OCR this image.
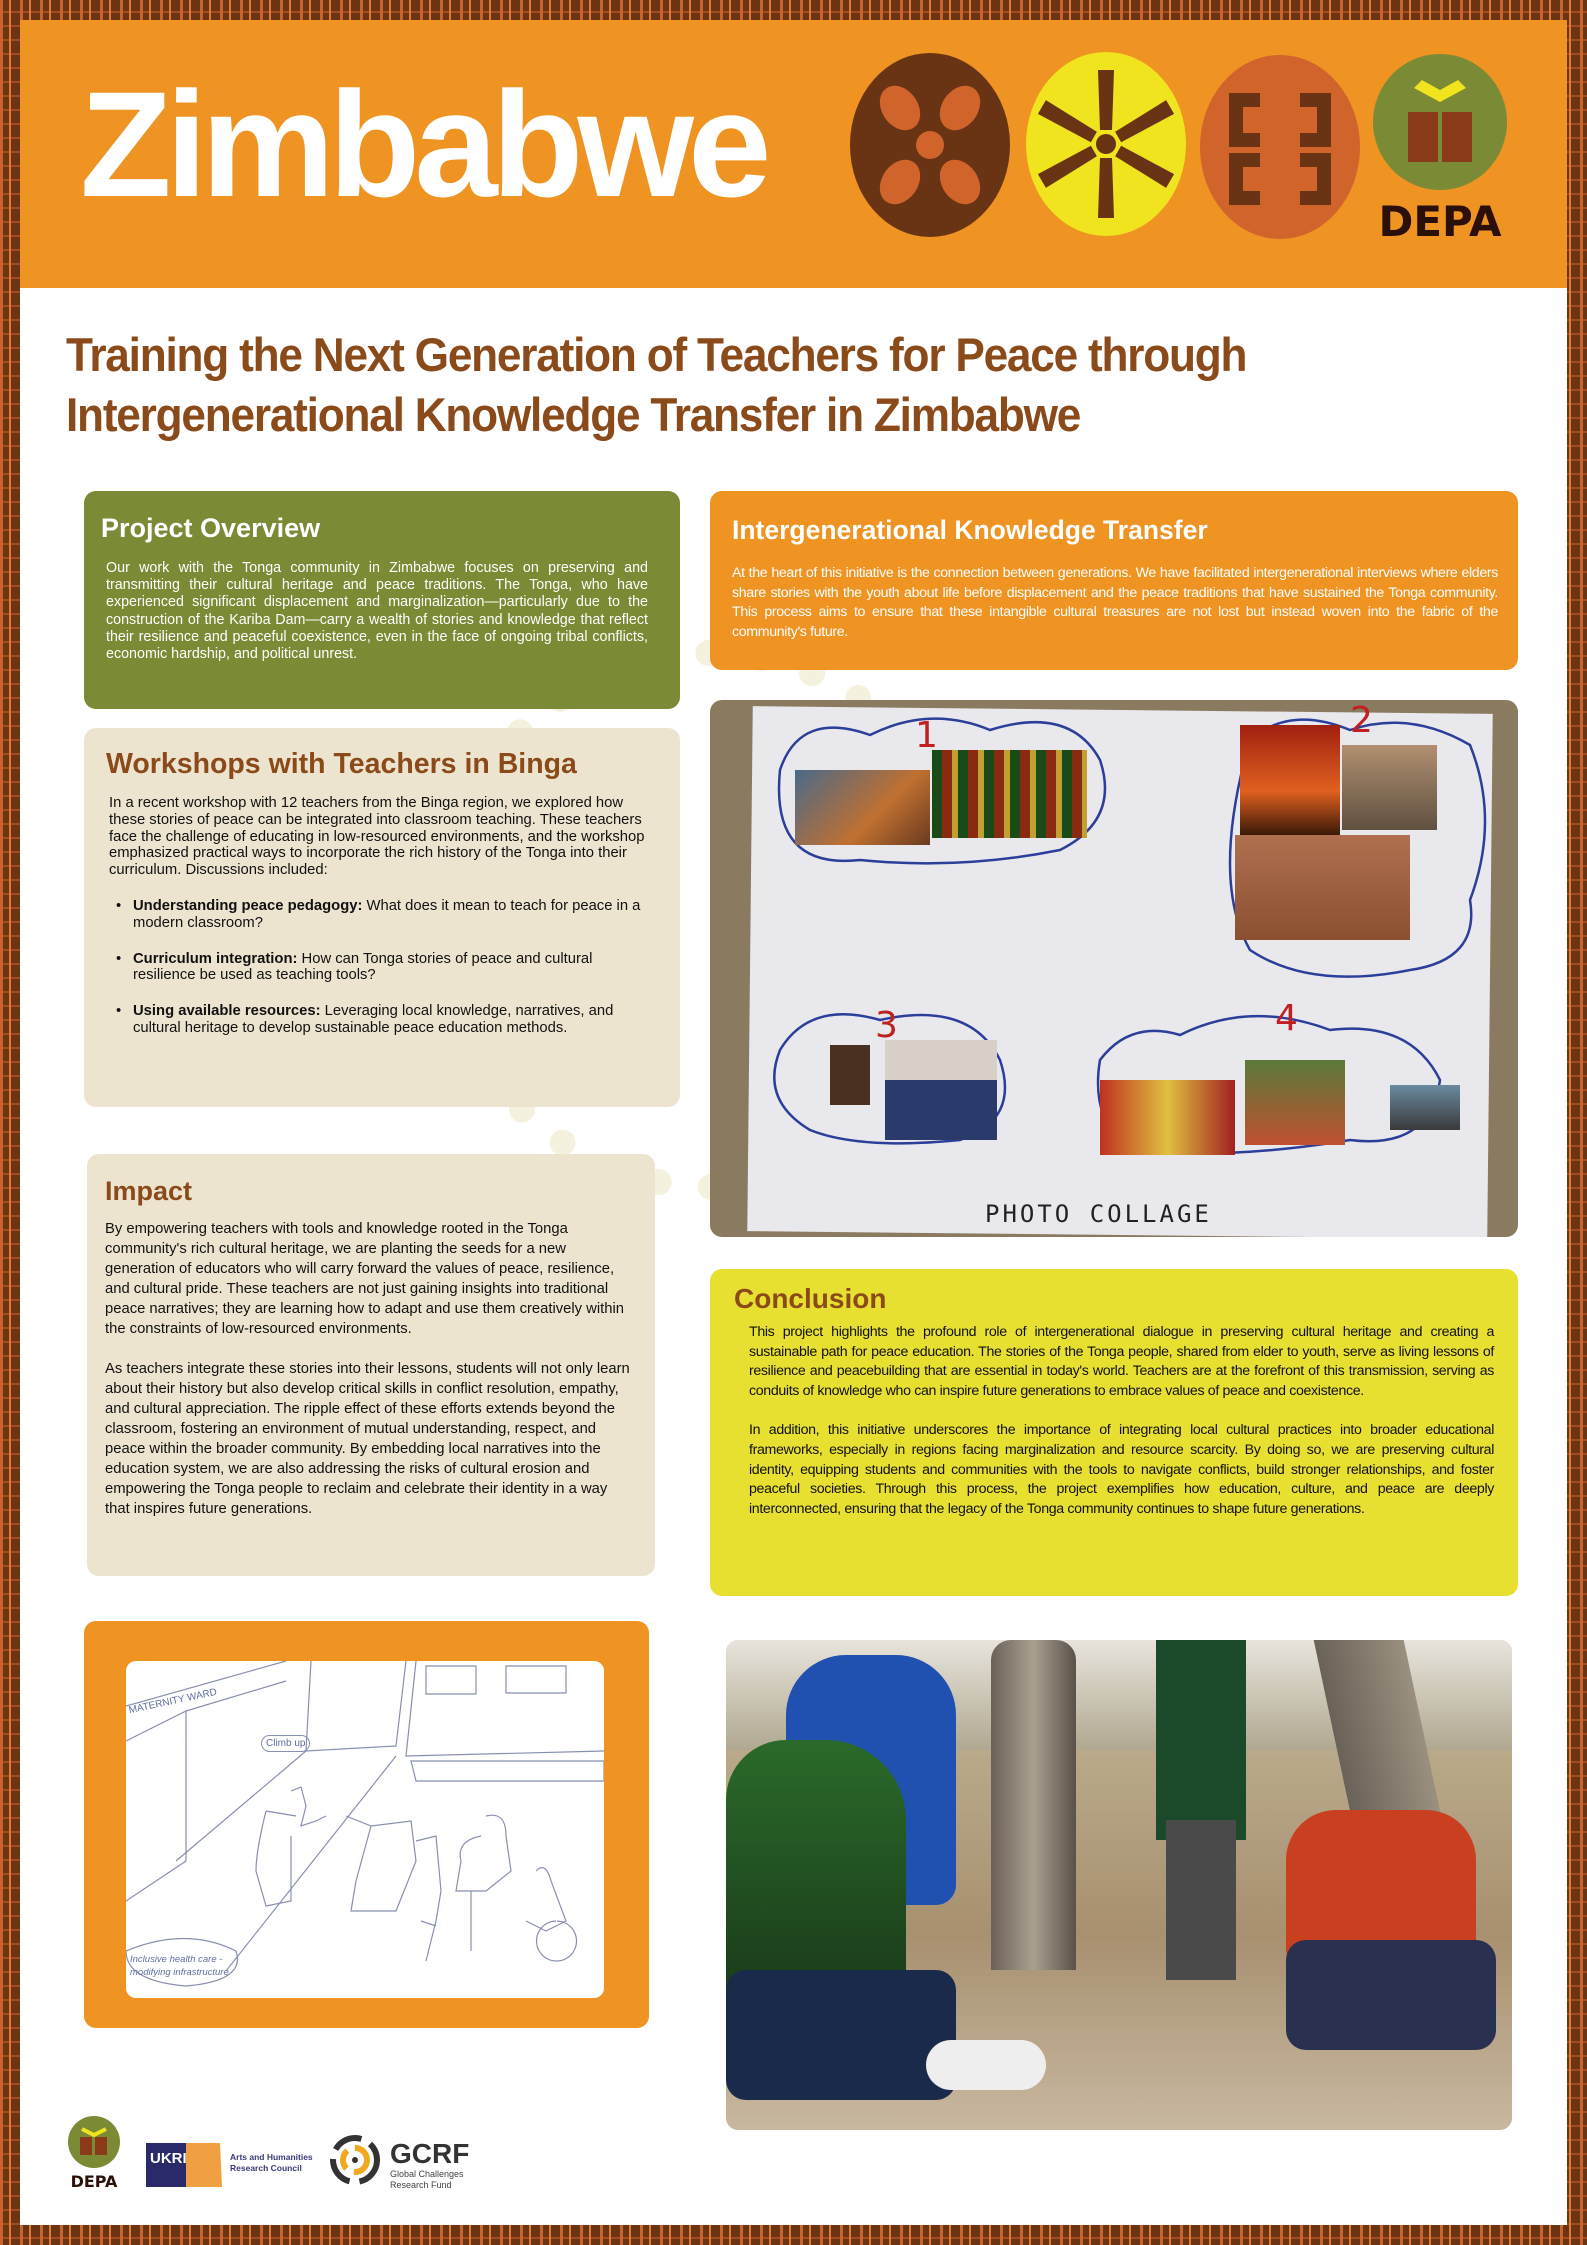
Zimbabwe	DEPA
Training the Next Generation of Teachers for Peace through
Intergenerational Knowledge Transfer in Zimbabwe
Project Overview
Our work with the Tonga community in Zimbabwe focuses on preserving and transmitting their cultural heritage and peace traditions. The Tonga, who have experienced significant displacement and marginalization—particularly due to the construction of the Kariba Dam—carry a wealth of stories and knowledge that reflect their resilience and peaceful coexistence, even in the face of ongoing tribal conflicts, economic hardship, and political unrest.
Workshops with Teachers in Binga
In a recent workshop with 12 teachers from the Binga region, we explored how these stories of peace can be integrated into classroom teaching. These teachers face the challenge of educating in low-resourced environments, and the workshop emphasized practical ways to incorporate the rich history of the Tonga into their curriculum. Discussions included:
• Understanding peace pedagogy: What does it mean to teach for peace in a modern classroom?
• Curriculum integration: How can Tonga stories of peace and cultural resilience be used as teaching tools?
• Using available resources: Leveraging local knowledge, narratives, and cultural heritage to develop sustainable peace education methods.
Impact
By empowering teachers with tools and knowledge rooted in the Tonga community's rich cultural heritage, we are planting the seeds for a new generation of educators who will carry forward the values of peace, resilience, and cultural pride. These teachers are not just gaining insights into traditional peace narratives; they are learning how to adapt and use them creatively within the constraints of low-resourced environments.
As teachers integrate these stories into their lessons, students will not only learn about their history but also develop critical skills in conflict resolution, empathy, and cultural appreciation. The ripple effect of these efforts extends beyond the classroom, fostering an environment of mutual understanding, respect, and peace within the broader community. By embedding local narratives into the education system, we are also addressing the risks of cultural erosion and empowering the Tonga people to reclaim and celebrate their identity in a way that inspires future generations.
MATERNITY WARD
Climb up
Inclusive health care - modifying infrastructure
Intergenerational Knowledge Transfer
At the heart of this initiative is the connection between generations. We have facilitated intergenerational interviews where elders share stories with the youth about life before displacement and the peace traditions that have sustained the Tonga community. This process aims to ensure that these intangible cultural treasures are not lost but instead woven into the fabric of the community's future.
1	2
3	4
PHOTO COLLAGE
Conclusion
This project highlights the profound role of intergenerational dialogue in preserving cultural heritage and creating a sustainable path for peace education. The stories of the Tonga people, shared from elder to youth, serve as living lessons of resilience and peacebuilding that are essential in today's world. Teachers are at the forefront of this transmission, serving as conduits of knowledge who can inspire future generations to embrace values of peace and coexistence.
In addition, this initiative underscores the importance of integrating local cultural practices into broader educational frameworks, especially in regions facing marginalization and resource scarcity. By doing so, we are preserving cultural identity, equipping students and communities with the tools to navigate conflicts, build stronger relationships, and foster peaceful societies. Through this process, the project exemplifies how education, culture, and peace are deeply interconnected, ensuring that the legacy of the Tonga community continues to shape future generations.
DEPA
UKRI	Arts and Humanities Research Council	GCRF
Global Challenges Research Fund
